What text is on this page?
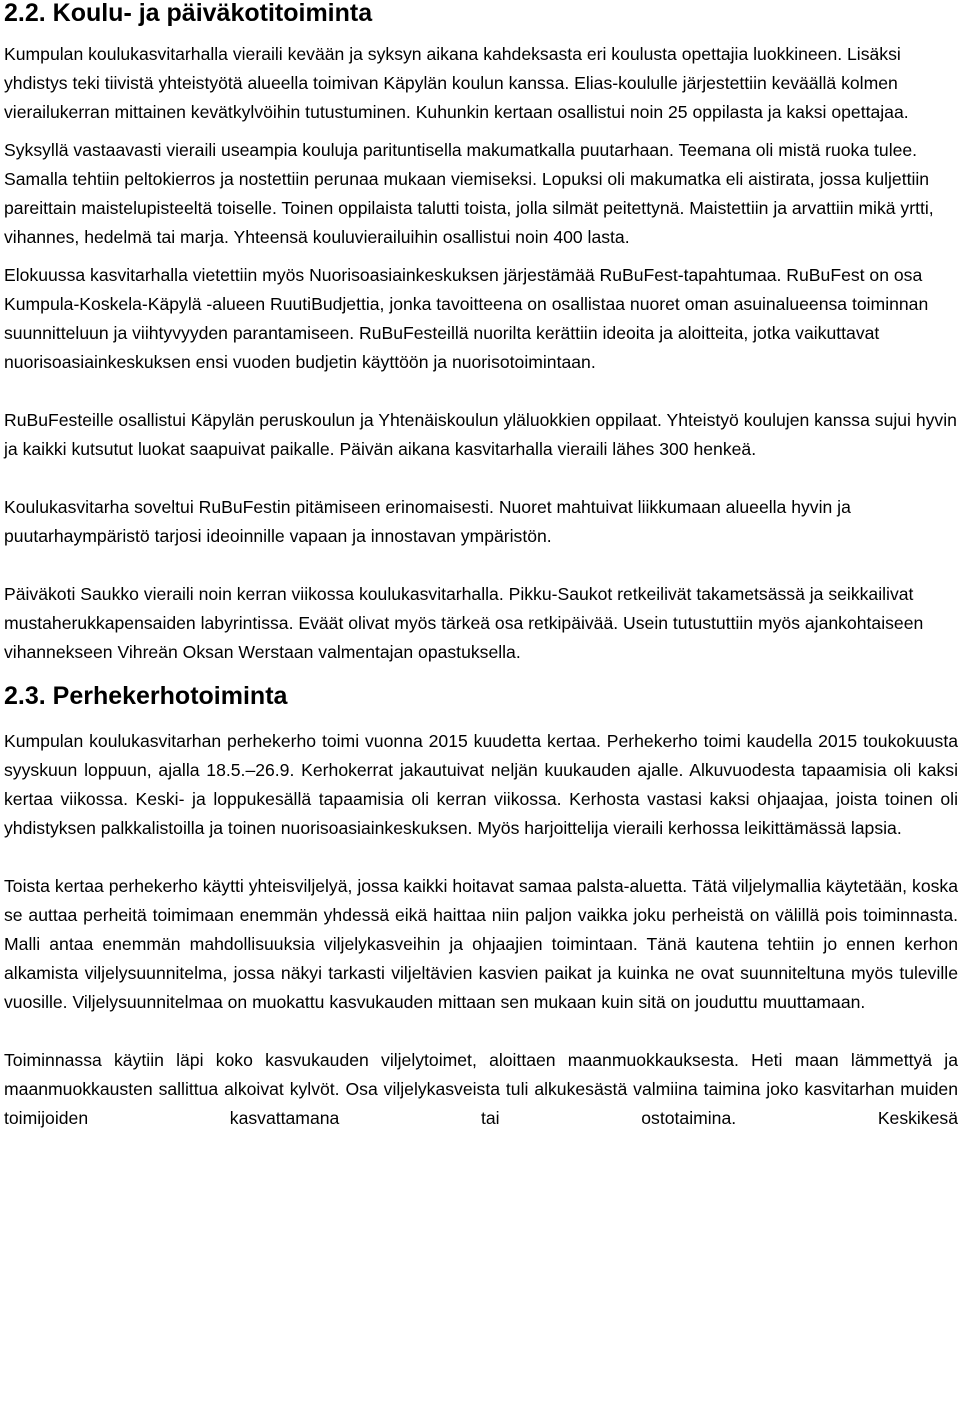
2.2. Koulu- ja päiväkotitoiminta

Kumpulan koulukasvitarhalla vieraili kevään ja syksyn aikana kahdeksasta eri koulusta opettajia luokkineen. Lisäksi yhdistys teki tiivistä yhteistyötä alueella toimivan Käpylän koulun kanssa. Elias-koululle järjestettiin keväällä kolmen vierailukerran mittainen kevätkylvöihin tutustuminen. Kuhunkin kertaan osallistui noin 25 oppilasta ja kaksi opettajaa.

Syksyllä vastaavasti vieraili useampia kouluja parituntisella makumatkalla puutarhaan. Teemana oli mistä ruoka tulee. Samalla tehtiin peltokierros ja nostettiin perunaa mukaan viemiseksi. Lopuksi oli makumatka eli aistirata, jossa kuljettiin pareittain maistelupisteeltä toiselle. Toinen oppilaista talutti toista, jolla silmät peitettynä. Maistettiin ja arvattiin mikä yrtti, vihannes, hedelmä tai marja. Yhteensä kouluvierailuihin osallistui noin 400 lasta.

Elokuussa kasvitarhalla vietettiin myös Nuorisoasiainkeskuksen järjestämää RuBuFest-tapahtumaa. RuBuFest on osa Kumpula-Koskela-Käpylä -alueen RuutiBudjettia, jonka tavoitteena on osallistaa nuoret oman asuinalueensa toiminnan suunnitteluun ja viihtyvyyden parantamiseen. RuBuFesteillä nuorilta kerättiin ideoita ja aloitteita, jotka vaikuttavat nuorisoasiainkeskuksen ensi vuoden budjetin käyttöön ja nuorisotoimintaan.

RuBuFesteille osallistui Käpylän peruskoulun ja Yhtenäiskoulun yläluokkien oppilaat. Yhteistyö koulujen kanssa sujui hyvin ja kaikki kutsutut luokat saapuivat paikalle. Päivän aikana kasvitarhalla vieraili lähes 300 henkeä.

Koulukasvitarha soveltui RuBuFestin pitämiseen erinomaisesti. Nuoret mahtuivat liikkumaan alueella hyvin ja puutarhaympäristö tarjosi ideoinnille vapaan ja innostavan ympäristön.

Päiväkoti Saukko vieraili noin kerran viikossa koulukasvitarhalla. Pikku-Saukot retkeilivät takametsässä ja seikkailivat mustaherukkapensaiden labyrintissa. Eväät olivat myös tärkeä osa retkipäivää. Usein tutustuttiin myös ajankohtaiseen vihannekseen Vihreän Oksan Werstaan valmentajan opastuksella.

2.3. Perhekerhotoiminta

Kumpulan koulukasvitarhan perhekerho toimi vuonna 2015 kuudetta kertaa. Perhekerho toimi kaudella 2015 toukokuusta syyskuun loppuun, ajalla 18.5.–26.9. Kerhokerrat jakautuivat neljän kuukauden ajalle. Alkuvuodesta tapaamisia oli kaksi kertaa viikossa. Keski- ja loppukesällä tapaamisia oli kerran viikossa. Kerhosta vastasi kaksi ohjaajaa, joista toinen oli yhdistyksen palkkalistoilla ja toinen nuorisoasiainkeskuksen. Myös harjoittelija vieraili kerhossa leikittämässä lapsia.

Toista kertaa perhekerho käytti yhteisviljelyä, jossa kaikki hoitavat samaa palsta-aluetta. Tätä viljelymallia käytetään, koska se auttaa perheitä toimimaan enemmän yhdessä eikä haittaa niin paljon vaikka joku perheistä on välillä pois toiminnasta. Malli antaa enemmän mahdollisuuksia viljelykasveihin ja ohjaajien toimintaan. Tänä kautena tehtiin jo ennen kerhon alkamista viljelysuunnitelma, jossa näkyi tarkasti viljeltävien kasvien paikat ja kuinka ne ovat suunniteltuna myös tuleville vuosille. Viljelysuunnitelmaa on muokattu kasvukauden mittaan sen mukaan kuin sitä on jouduttu muuttamaan.

Toiminnassa käytiin läpi koko kasvukauden viljelytoimet, aloittaen maanmuokkauksesta. Heti maan lämmettyä ja maanmuokkausten sallittua alkoivat kylvöt. Osa viljelykasveista tuli alkukesästä valmiina taimina joko kasvitarhan muiden toimijoiden kasvattamana tai ostotaimina. Keskikesä
